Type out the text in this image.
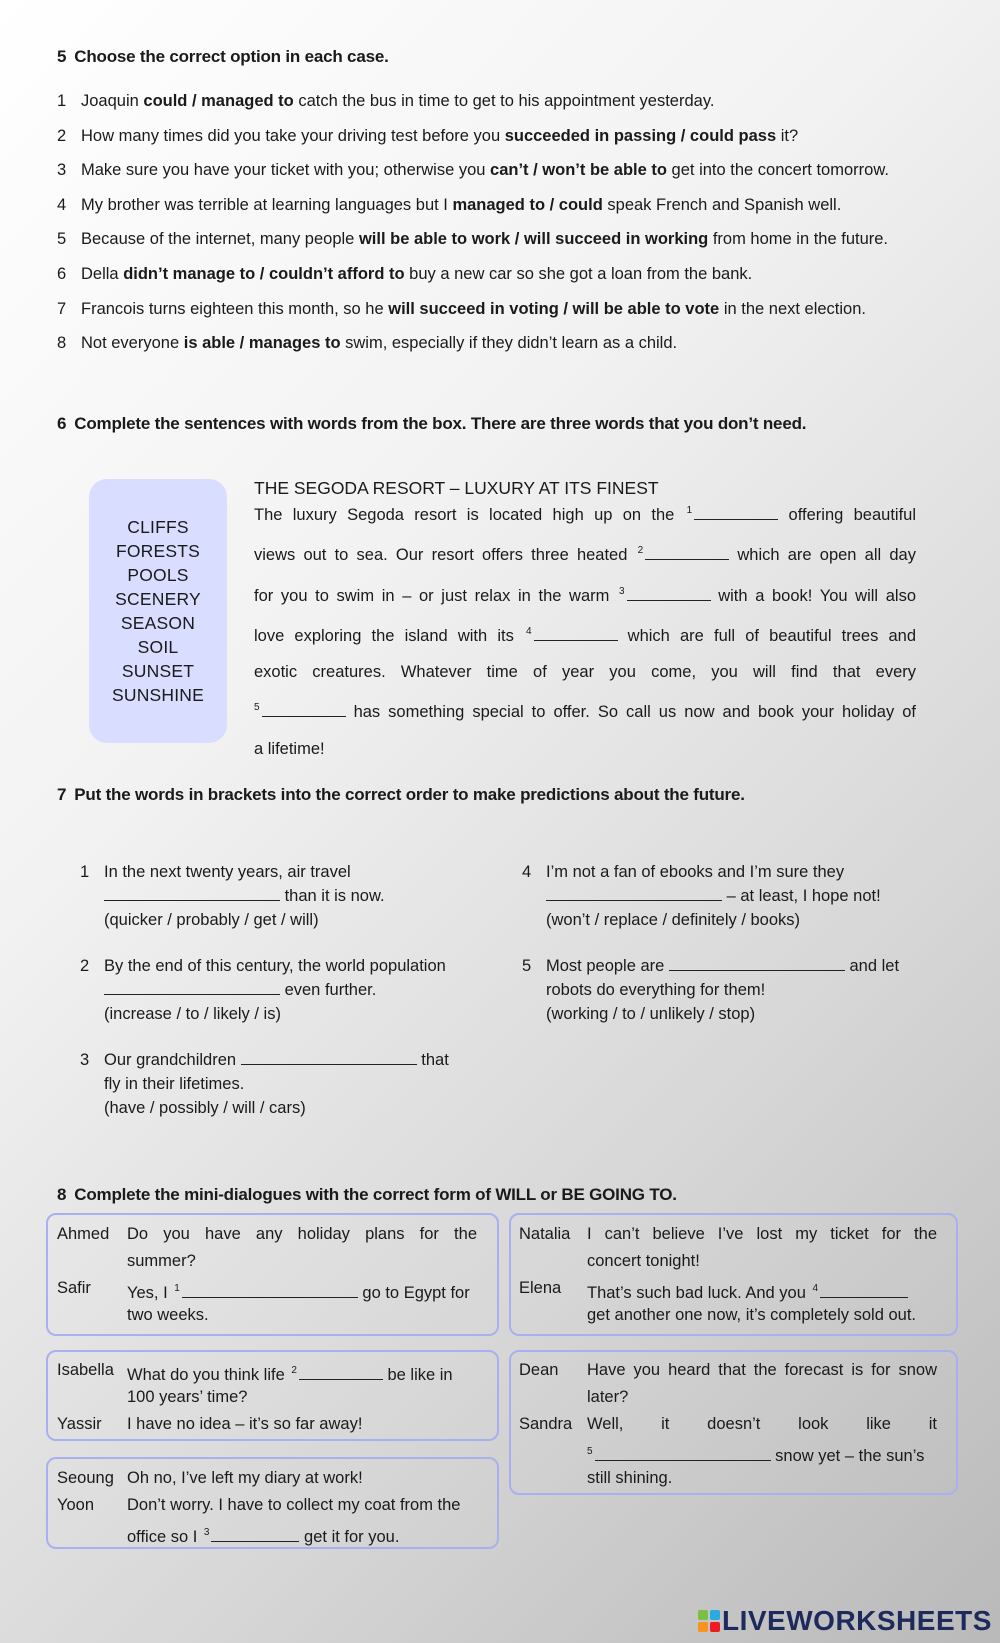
5 Choose the correct option in each case.
1 Joaquin could / managed to catch the bus in time to get to his appointment yesterday.
2 How many times did you take your driving test before you succeeded in passing / could pass it?
3 Make sure you have your ticket with you; otherwise you can’t / won’t be able to get into the concert tomorrow.
4 My brother was terrible at learning languages but I managed to / could speak French and Spanish well.
5 Because of the internet, many people will be able to work / will succeed in working from home in the future.
6 Della didn’t manage to / couldn’t afford to buy a new car so she got a loan from the bank.
7 Francois turns eighteen this month, so he will succeed in voting / will be able to vote in the next election.
8 Not everyone is able / manages to swim, especially if they didn’t learn as a child.
6 Complete the sentences with words from the box. There are three words that you don’t need.
CLIFFS
FORESTS
POOLS
SCENERY
SEASON
SOIL
SUNSET
SUNSHINE
THE SEGODA RESORT – LUXURY AT ITS FINEST
The luxury Segoda resort is located high up on the $^1$	offering beautiful
views out to sea. Our resort offers three heated $^2$	which are open all day
for you to swim in – or just relax in the warm $^3$	with a book! You will also
love exploring the island with its $^4$	which are full of beautiful trees and
exotic creatures. Whatever time of year you come, you will find that every
$^5$	has something special to offer. So call us now and book your holiday of
a lifetime!
7 Put the words in brackets into the correct order to make predictions about the future.
1 In the next twenty years, air travel
than it is now.
(quicker / probably / get / will)
2 By the end of this century, the world population
even further.
(increase / to / likely / is)
3 Our grandchildren	that
fly in their lifetimes.
(have / possibly / will / cars)
4 I’m not a fan of ebooks and I’m sure they
– at least, I hope not!
(won’t / replace / definitely / books)
5 Most people are	and let
robots do everything for them!
(working / to / unlikely / stop)
8 Complete the mini-dialogues with the correct form of WILL or BE GOING TO.
Ahmed Do you have any holiday plans for the
summer?
Safir Yes, I $^1$	go to Egypt for
two weeks.
Isabella What do you think life $^2$	be like in
100 years’ time?
Yassir I have no idea – it’s so far away!
Seoung Oh no, I’ve left my diary at work!
Yoon Don’t worry. I have to collect my coat from the
office so I $^3$	get it for you.
Natalia I can’t believe I’ve lost my ticket for the
concert tonight!
Elena That’s such bad luck. And you $^4$
get another one now, it’s completely sold out.
Dean Have you heard that the forecast is for snow
later?
Sandra Well, it doesn’t look like it
$^5$	snow yet – the sun’s
still shining.
LIVEWORKSHEETS
